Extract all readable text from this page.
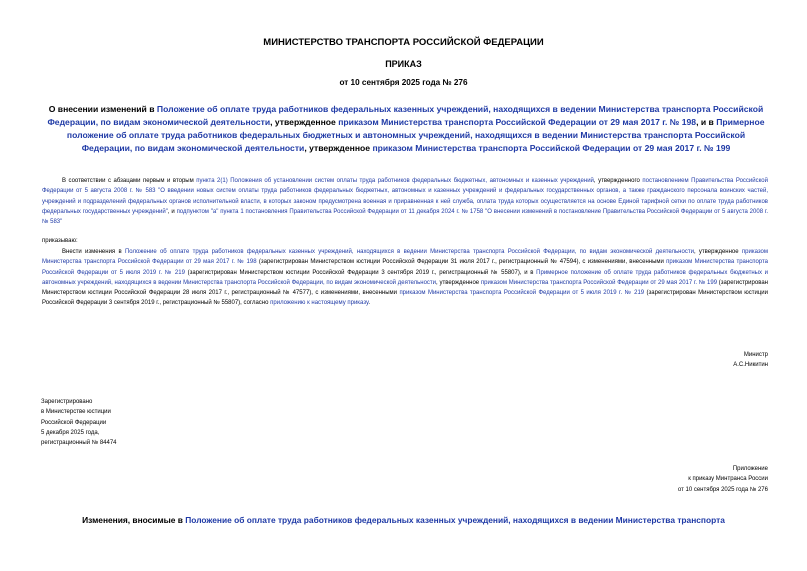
МИНИСТЕРСТВО ТРАНСПОРТА РОССИЙСКОЙ ФЕДЕРАЦИИ
ПРИКАЗ
от 10 сентября 2025 года № 276
О внесении изменений в Положение об оплате труда работников федеральных казенных учреждений, находящихся в ведении Министерства транспорта Российской Федерации, по видам экономической деятельности, утвержденное приказом Министерства транспорта Российской Федерации от 29 мая 2017 г. № 198, и в Примерное положение об оплате труда работников федеральных бюджетных и автономных учреждений, находящихся в ведении Министерства транспорта Российской Федерации, по видам экономической деятельности, утвержденное приказом Министерства транспорта Российской Федерации от 29 мая 2017 г. № 199
В соответствии с абзацами первым и вторым пункта 2(1) Положения об установлении систем оплаты труда работников федеральных бюджетных, автономных и казенных учреждений, утвержденного постановлением Правительства Российской Федерации от 5 августа 2008 г. № 583 "О введении новых систем оплаты труда работников федеральных бюджетных, автономных и казенных учреждений и федеральных государственных органов, а также гражданского персонала воинских частей, учреждений и подразделений федеральных органов исполнительной власти, в которых законом предусмотрена военная и приравненная к ней служба, оплата труда которых осуществляется на основе Единой тарифной сетки по оплате труда работников федеральных государственных учреждений", и подпунктом "а" пункта 1 постановления Правительства Российской Федерации от 11 декабря 2024 г. № 1758 "О внесении изменений в постановление Правительства Российской Федерации от 5 августа 2008 г. № 583"
приказываю:
Внести изменения в Положение об оплате труда работников федеральных казенных учреждений, находящихся в ведении Министерства транспорта Российской Федерации, по видам экономической деятельности, утвержденное приказом Министерства транспорта Российской Федерации от 29 мая 2017 г. № 198 (зарегистрирован Министерством юстиции Российской Федерации 31 июля 2017 г., регистрационный № 47594), с изменениями, внесенными приказом Министерства транспорта Российской Федерации от 5 июля 2019 г. № 219 (зарегистрирован Министерством юстиции Российской Федерации 3 сентября 2019 г., регистрационный № 55807), и в Примерное положение об оплате труда работников федеральных бюджетных и автономных учреждений, находящихся в ведении Министерства транспорта Российской Федерации, по видам экономической деятельности, утвержденное приказом Министерства транспорта Российской Федерации от 29 мая 2017 г. № 199 (зарегистрирован Министерством юстиции Российской Федерации 28 июля 2017 г., регистрационный № 47577), с изменениями, внесенными приказом Министерства транспорта Российской Федерации от 5 июля 2019 г. № 219 (зарегистрирован Министерством юстиции Российской Федерации 3 сентября 2019 г., регистрационный № 55807), согласно приложению к настоящему приказу.
Министр
А.С.Никитин
Зарегистрировано
в Министерстве юстиции
Российской Федерации
5 декабря 2025 года,
регистрационный № 84474
Приложение
к приказу Минтранса России
от 10 сентября 2025 года № 276
Изменения, вносимые в Положение об оплате труда работников федеральных казенных учреждений, находящихся в ведении Министерства транспорта
